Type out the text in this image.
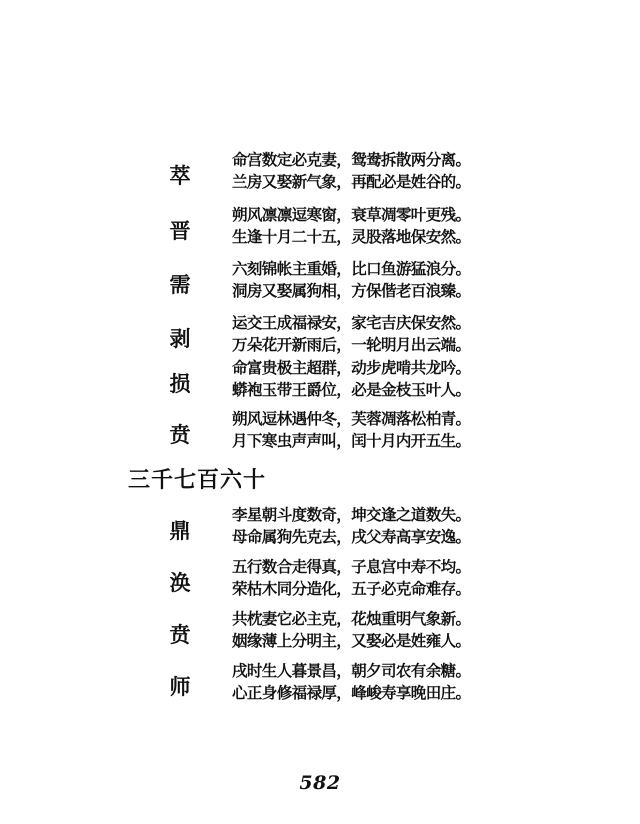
萃
命宫数定必克妻，鸳鸯拆散两分离。
兰房又娶新气象，再配必是姓谷的。
晋
朔风凛凛逗寒窗，衰草凋零叶更残。
生逢十月二十五，灵股落地保安然。
需
六刻锦帐主重婚，比口鱼游猛浪分。
洞房又娶属狗相，方保偕老百浪臻。
剥
运交王成福禄安，家宅吉庆保安然。
万朵花开新雨后，一轮明月出云端。
损
命富贵极主超群，动步虎啃共龙吟。
蟒袍玉带王爵位，必是金枝玉叶人。
贲
朔风逗林遇仲冬，芙蓉凋落松柏青。
月下寒虫声声叫，闰十月内开五生。
三千七百六十
鼎
李星朝斗度数奇，坤交逢之道数失。
母命属狗先克去，戌父寿高享安逸。
涣
五行数合走得真，子息宫中寿不均。
荣枯木同分造化，五子必克命难存。
贲
共枕妻它必主克，花烛重明气象新。
姻缘薄上分明主，又娶必是姓雍人。
师
戌时生人暮景昌，朝夕司农有余糖。
心正身修福禄厚，峰峻寿享晚田庄。
582
